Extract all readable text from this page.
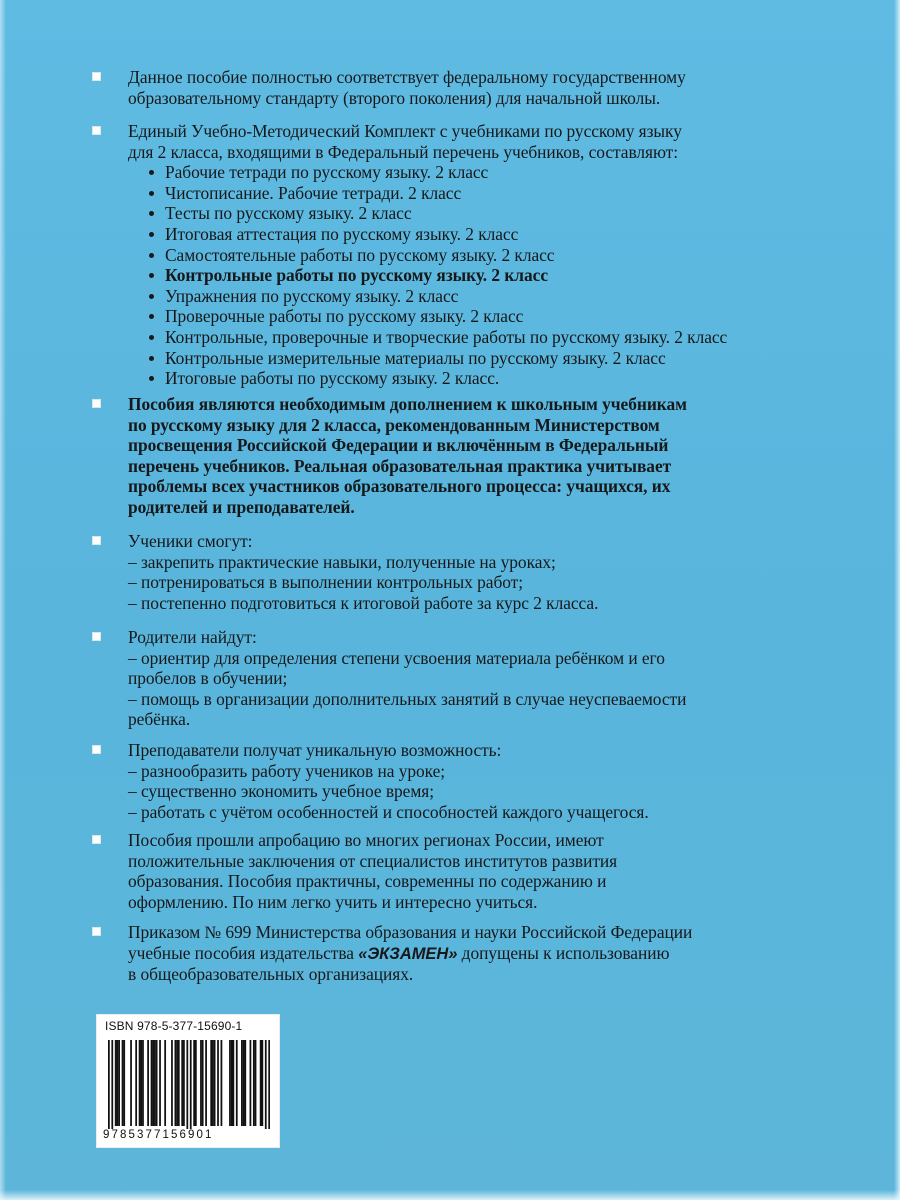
Данное пособие полностью соответствует федеральному государственному

образовательному стандарту (второго поколения) для начальной школы.

Единый Учебно-Методический Комплект с учебниками по русскому языку

для 2 класса, входящими в Федеральный перечень учебников, составляют:

Рабочие тетради по русскому языку. 2 класс
Чистописание. Рабочие тетради. 2 класс
Тесты по русскому языку. 2 класс
Итоговая аттестация по русскому языку. 2 класс
Самостоятельные работы по русскому языку. 2 класс
Контрольные работы по русскому языку. 2 класс
Упражнения по русскому языку. 2 класс
Проверочные работы по русскому языку. 2 класс
Контрольные, проверочные и творческие работы по русскому языку. 2 класс
Контрольные измерительные материалы по русскому языку. 2 класс
Итоговые работы по русскому языку. 2 класс.

Пособия являются необходимым дополнением к школьным учебникам

по русскому языку для 2 класса, рекомендованным Министерством

просвещения Российской Федерации и включённым в Федеральный

перечень учебников. Реальная образовательная практика учитывает

проблемы всех участников образовательного процесса: учащихся, их

родителей и преподавателей.

Ученики смогут:

– закрепить практические навыки, полученные на уроках;

– потренироваться в выполнении контрольных работ;

– постепенно подготовиться к итоговой работе за курс 2 класса.

Родители найдут:

– ориентир для определения степени усвоения материала ребёнком и его

пробелов в обучении;

– помощь в организации дополнительных занятий в случае неуспеваемости

ребёнка.

Преподаватели получат уникальную возможность:

– разнообразить работу учеников на уроке;

– существенно экономить учебное время;

– работать с учётом особенностей и способностей каждого учащегося.

Пособия прошли апробацию во многих регионах России, имеют

положительные заключения от специалистов институтов развития

образования. Пособия практичны, современны по содержанию и

оформлению. По ним легко учить и интересно учиться.

Приказом № 699 Министерства образования и науки Российской Федерации

учебные пособия издательства «ЭКЗАМЕН» допущены к использованию

в общеобразовательных организациях.

ISBN 978-5-377-15690-1
9785377156901
